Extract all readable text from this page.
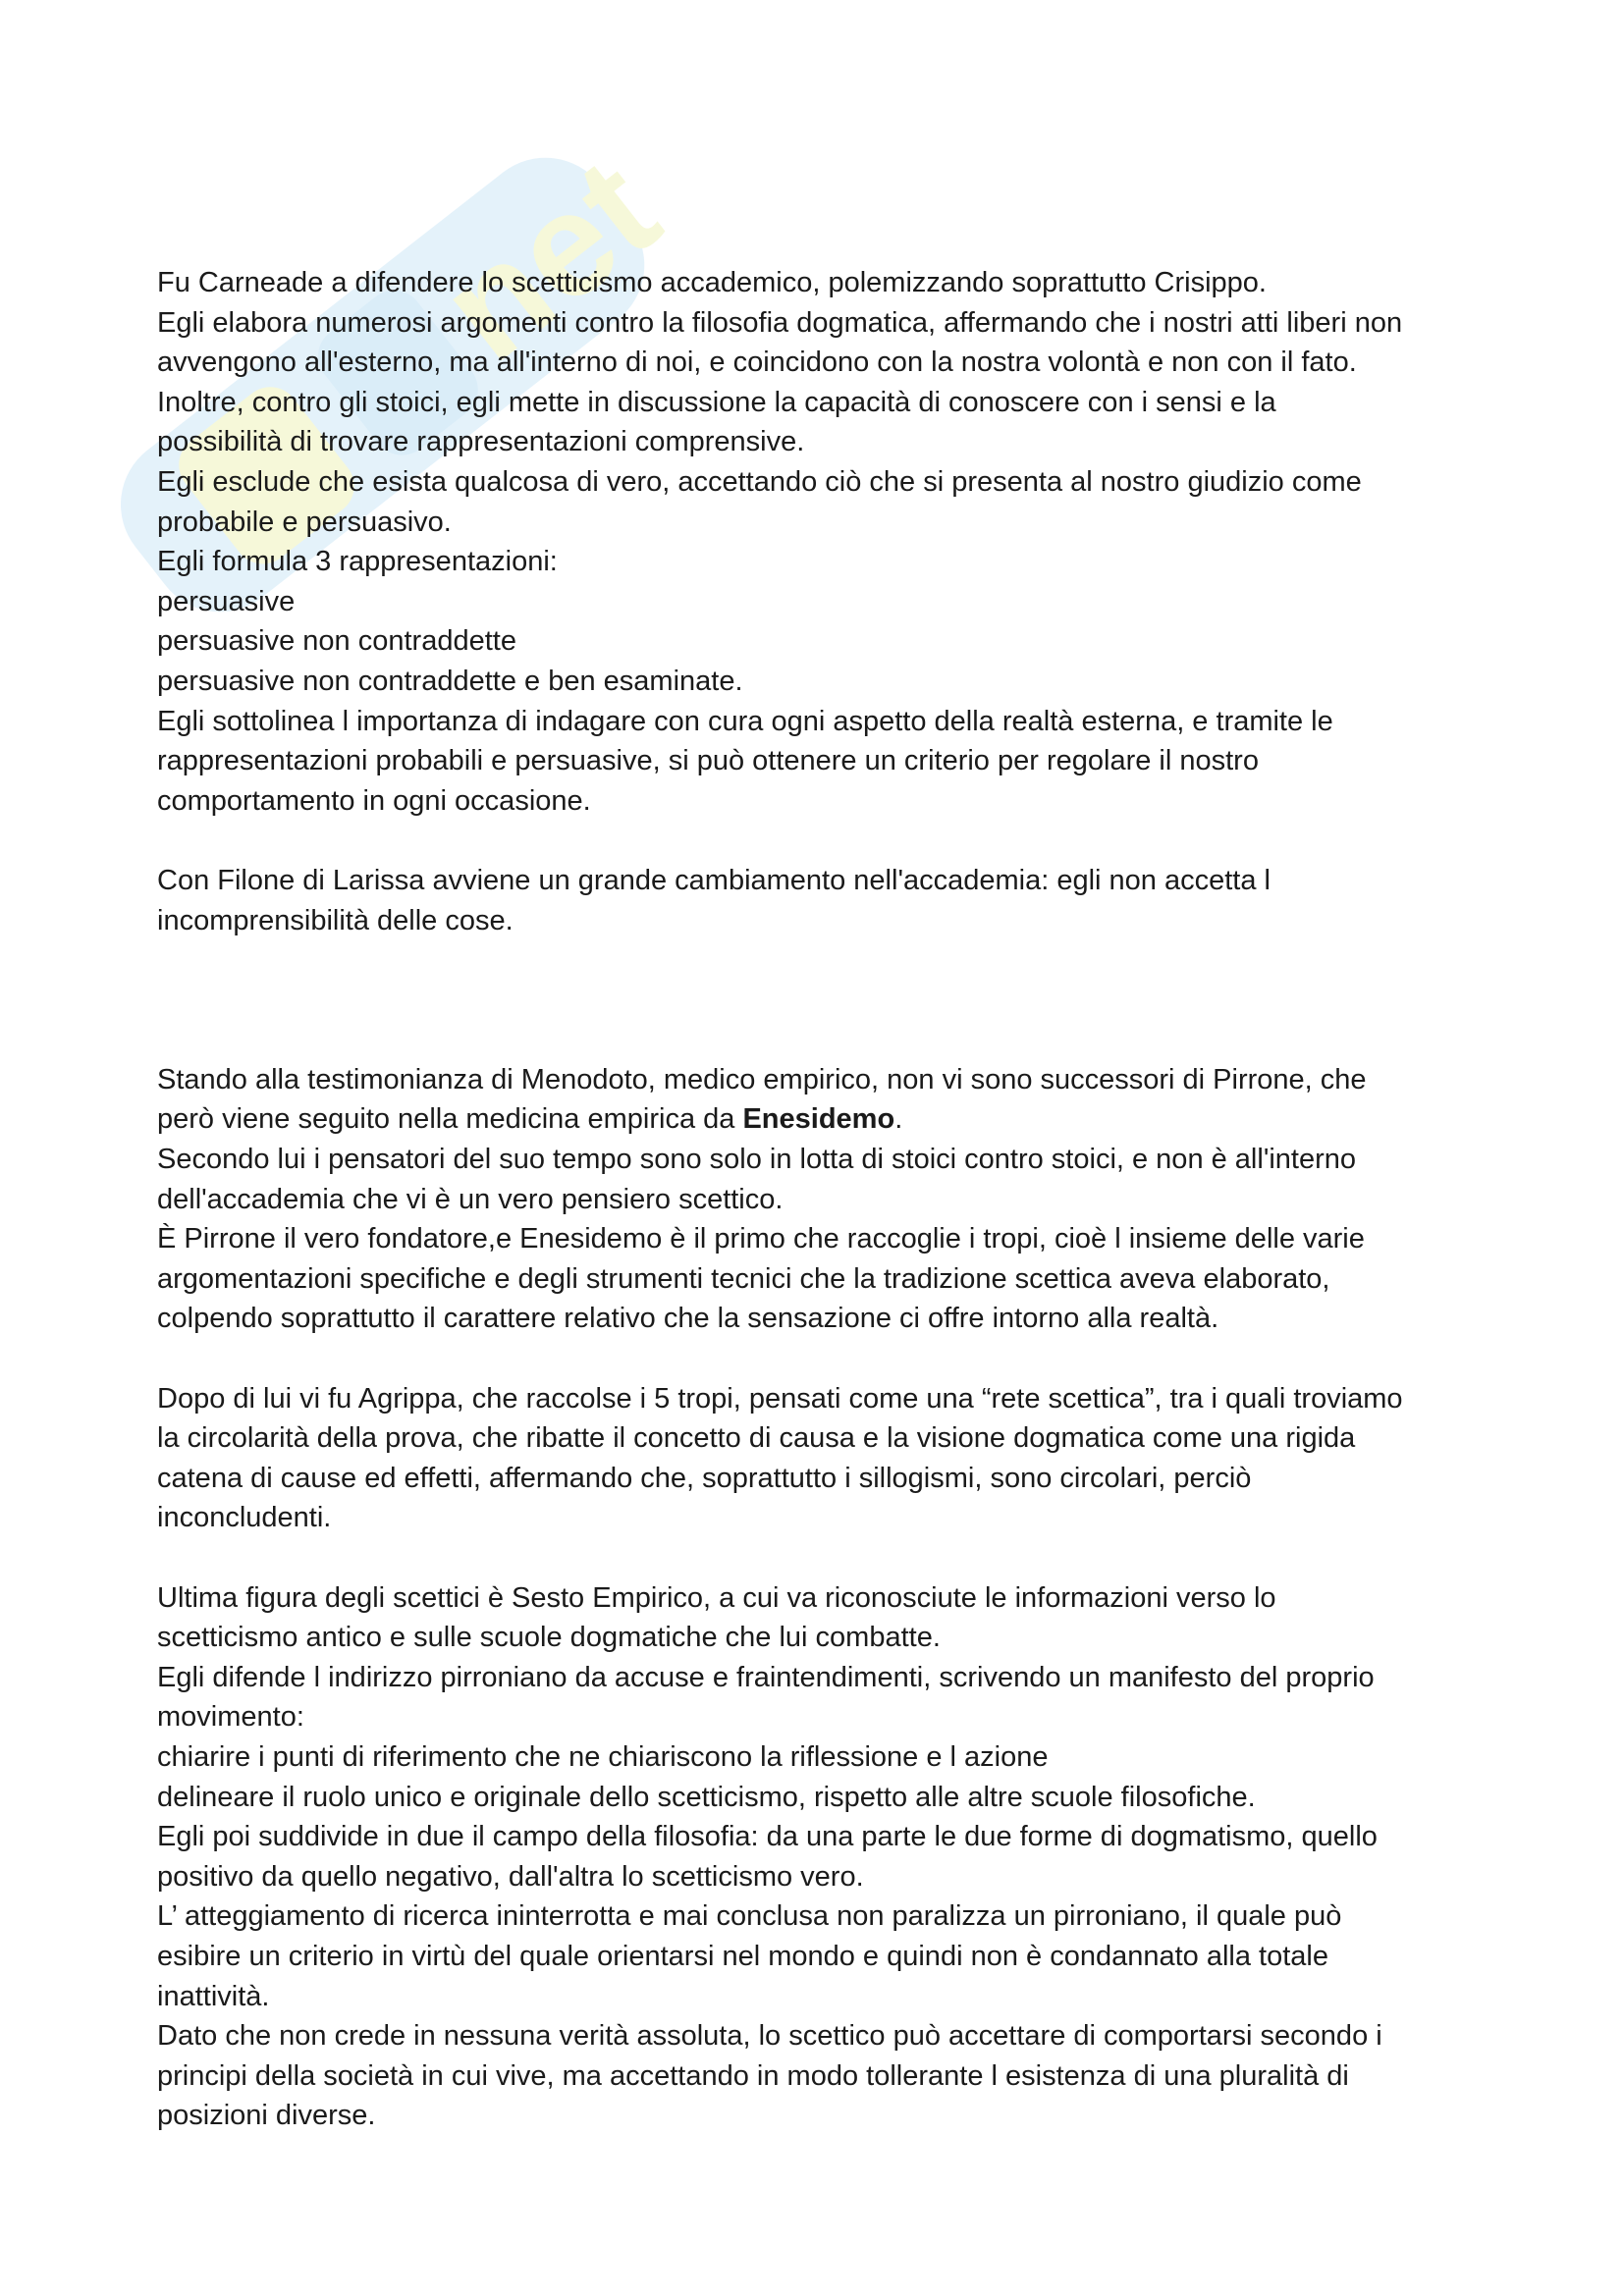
net
Fu Carneade a difendere lo scetticismo accademico, polemizzando soprattutto Crisippo.
Egli elabora numerosi argomenti contro la filosofia dogmatica, affermando che i nostri atti liberi non
avvengono all'esterno, ma all'interno di noi, e coincidono con la nostra volontà e non con il fato.
Inoltre, contro gli stoici, egli mette in discussione la capacità di conoscere con i sensi e la
possibilità di trovare rappresentazioni comprensive.
Egli esclude che esista qualcosa di vero, accettando ciò che si presenta al nostro giudizio come
probabile e persuasivo.
Egli formula 3 rappresentazioni:
persuasive
persuasive non contraddette
persuasive non contraddette e ben esaminate.
Egli sottolinea l importanza di indagare con cura ogni aspetto della realtà esterna, e tramite le
rappresentazioni probabili e persuasive, si può ottenere un criterio per regolare il nostro
comportamento in ogni occasione.
Con Filone di Larissa avviene un grande cambiamento nell'accademia: egli non accetta l
incomprensibilità delle cose.
Stando alla testimonianza di Menodoto, medico empirico, non vi sono successori di Pirrone, che
però viene seguito nella medicina empirica da Enesidemo.
Secondo lui i pensatori del suo tempo sono solo in lotta di stoici contro stoici, e non è all'interno
dell'accademia che vi è un vero pensiero scettico.
È Pirrone il vero fondatore,e Enesidemo è il primo che raccoglie i tropi, cioè l insieme delle varie
argomentazioni specifiche e degli strumenti tecnici che la tradizione scettica aveva elaborato,
colpendo soprattutto il carattere relativo che la sensazione ci offre intorno alla realtà.
Dopo di lui vi fu Agrippa, che raccolse i 5 tropi, pensati come una “rete scettica”, tra i quali troviamo
la circolarità della prova, che ribatte il concetto di causa e la visione dogmatica come una rigida
catena di cause ed effetti, affermando che, soprattutto i sillogismi, sono circolari, perciò
inconcludenti.
Ultima figura degli scettici è Sesto Empirico, a cui va riconosciute le informazioni verso lo
scetticismo antico e sulle scuole dogmatiche che lui combatte.
Egli difende l indirizzo pirroniano da accuse e fraintendimenti, scrivendo un manifesto del proprio
movimento:
chiarire i punti di riferimento che ne chiariscono la riflessione e l azione
delineare il ruolo unico e originale dello scetticismo, rispetto alle altre scuole filosofiche.
Egli poi suddivide in due il campo della filosofia: da una parte le due forme di dogmatismo, quello
positivo da quello negativo, dall'altra lo scetticismo vero.
L’ atteggiamento di ricerca ininterrotta e mai conclusa non paralizza un pirroniano, il quale può
esibire un criterio in virtù del quale orientarsi nel mondo e quindi non è condannato alla totale
inattività.
Dato che non crede in nessuna verità assoluta, lo scettico può accettare di comportarsi secondo i
principi della società in cui vive, ma accettando in modo tollerante l esistenza di una pluralità di
posizioni diverse.
